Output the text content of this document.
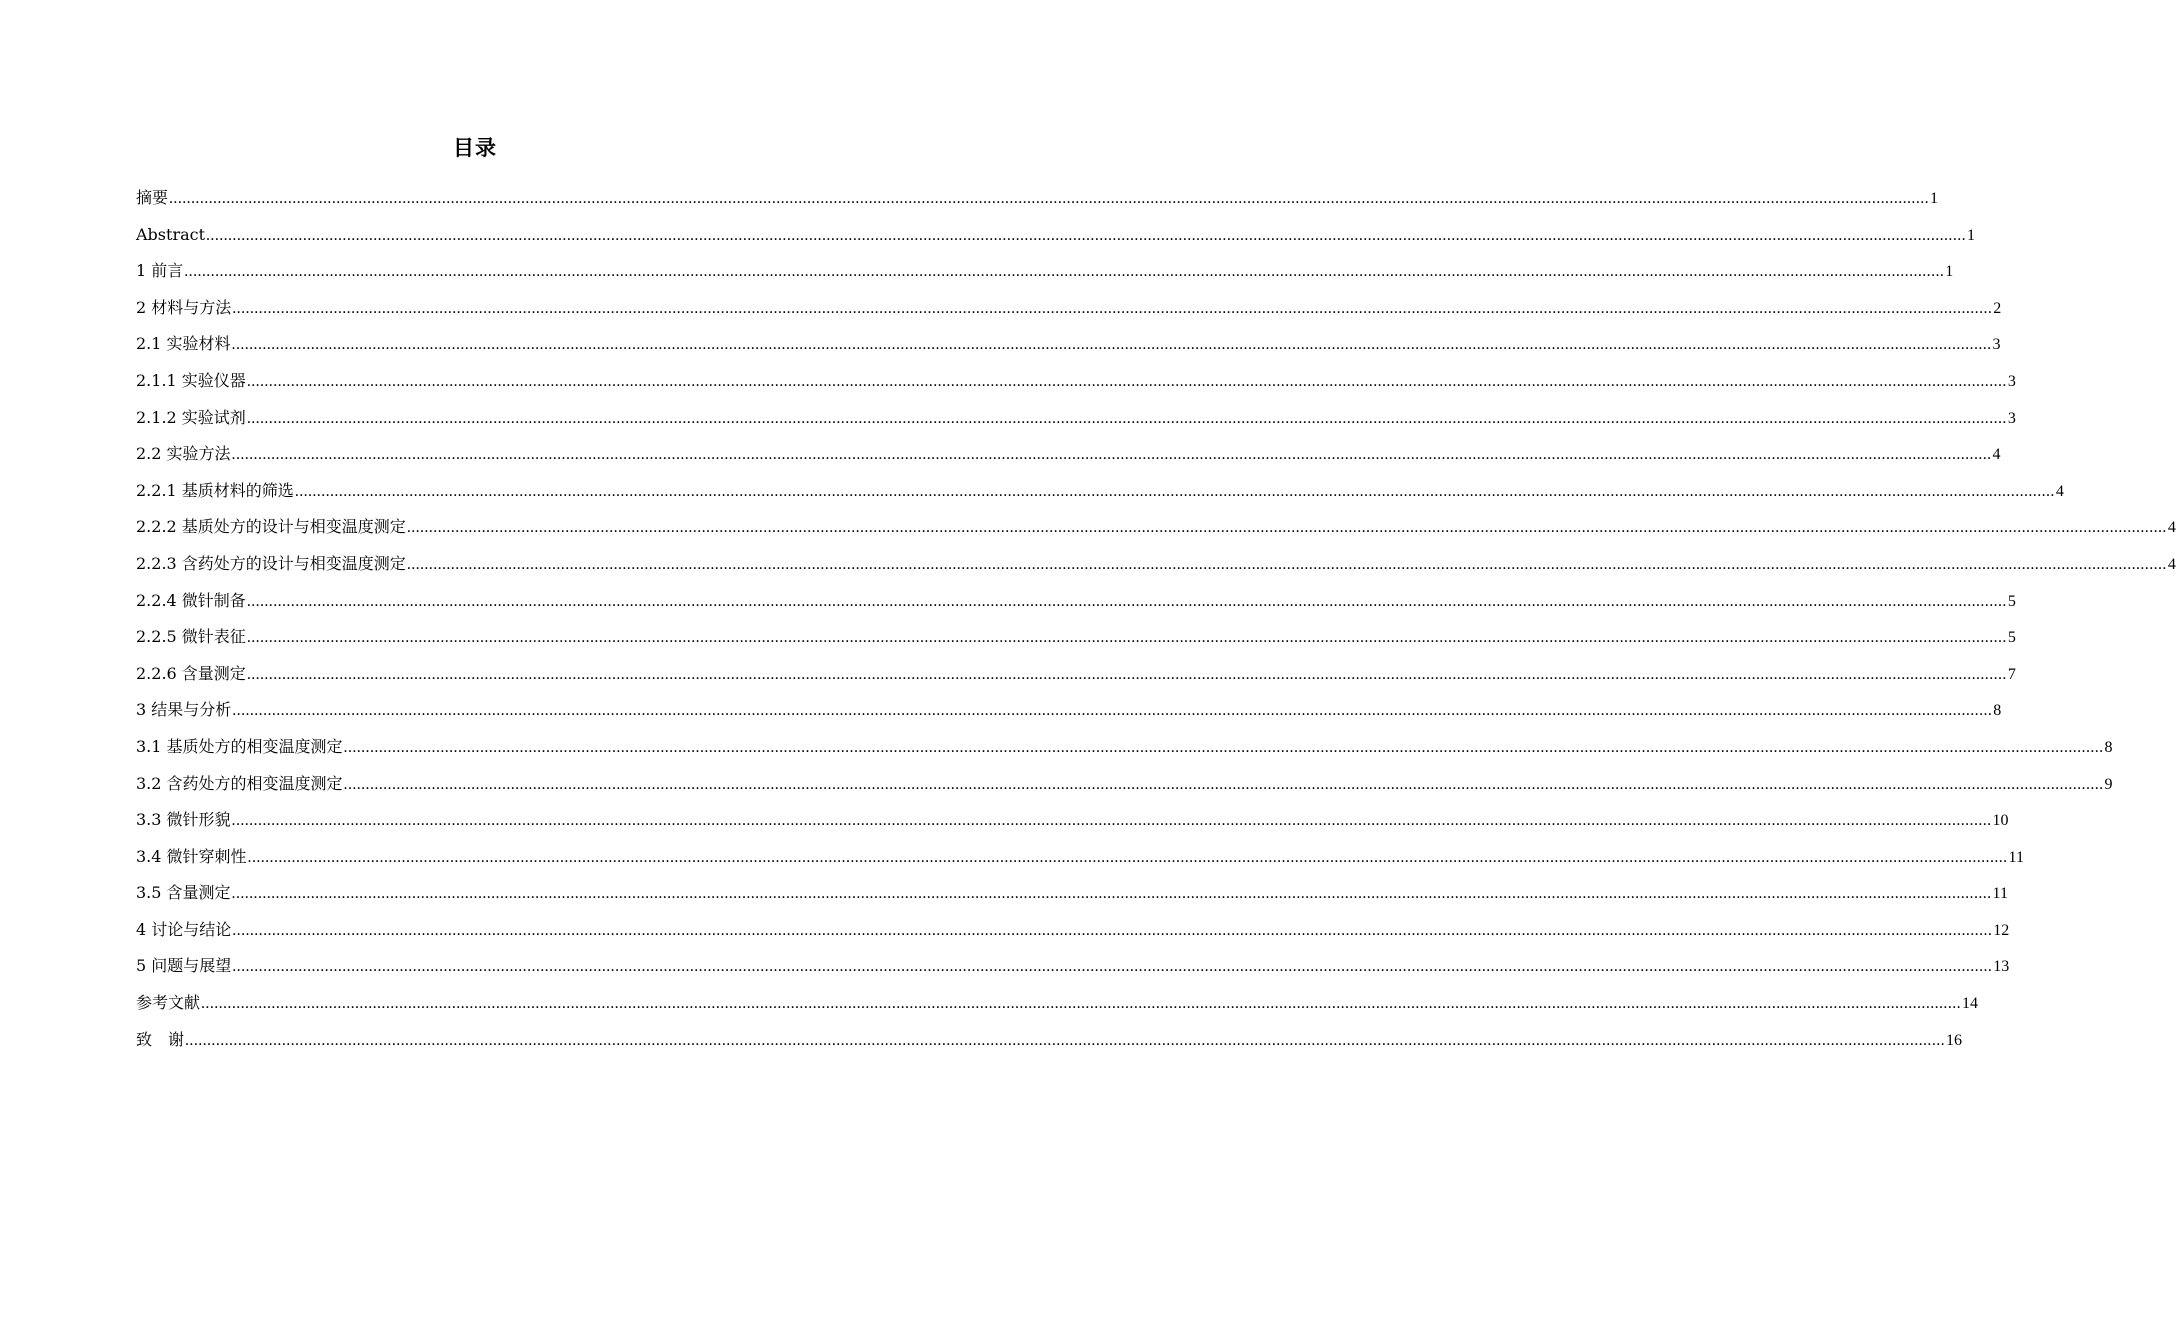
目录
摘要 ................................................................................................................................................................................................................................................................................................................................................................................................................ 1
Abstract ................................................................................................................................................................................................................................................................................................................................................................................................................ 1
1 前言 ................................................................................................................................................................................................................................................................................................................................................................................................................ 1
2 材料与方法 ................................................................................................................................................................................................................................................................................................................................................................................................................ 2
2.1 实验材料 ................................................................................................................................................................................................................................................................................................................................................................................................................ 3
2.1.1 实验仪器 ................................................................................................................................................................................................................................................................................................................................................................................................................ 3
2.1.2 实验试剂 ................................................................................................................................................................................................................................................................................................................................................................................................................ 3
2.2 实验方法 ................................................................................................................................................................................................................................................................................................................................................................................................................ 4
2.2.1 基质材料的筛选 ................................................................................................................................................................................................................................................................................................................................................................................................................ 4
2.2.2 基质处方的设计与相变温度测定 ................................................................................................................................................................................................................................................................................................................................................................................................................ 4
2.2.3 含药处方的设计与相变温度测定 ................................................................................................................................................................................................................................................................................................................................................................................................................ 4
2.2.4 微针制备 ................................................................................................................................................................................................................................................................................................................................................................................................................ 5
2.2.5 微针表征 ................................................................................................................................................................................................................................................................................................................................................................................................................ 5
2.2.6 含量测定 ................................................................................................................................................................................................................................................................................................................................................................................................................ 7
3 结果与分析 ................................................................................................................................................................................................................................................................................................................................................................................................................ 8
3.1 基质处方的相变温度测定 ................................................................................................................................................................................................................................................................................................................................................................................................................ 8
3.2 含药处方的相变温度测定 ................................................................................................................................................................................................................................................................................................................................................................................................................ 9
3.3 微针形貌 ................................................................................................................................................................................................................................................................................................................................................................................................................ 10
3.4 微针穿刺性 ................................................................................................................................................................................................................................................................................................................................................................................................................ 11
3.5 含量测定 ................................................................................................................................................................................................................................................................................................................................................................................................................ 11
4 讨论与结论 ................................................................................................................................................................................................................................................................................................................................................................................................................ 12
5 问题与展望 ................................................................................................................................................................................................................................................................................................................................................................................................................ 13
参考文献 ................................................................................................................................................................................................................................................................................................................................................................................................................ 14
致　谢 ................................................................................................................................................................................................................................................................................................................................................................................................................ 16
